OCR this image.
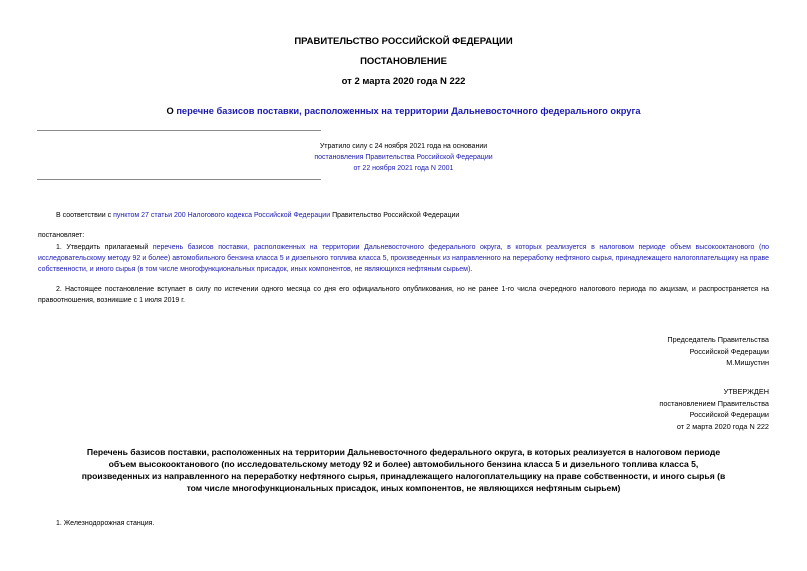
ПРАВИТЕЛЬСТВО РОССИЙСКОЙ ФЕДЕРАЦИИ
ПОСТАНОВЛЕНИЕ
от 2 марта 2020 года N 222
О перечне базисов поставки, расположенных на территории Дальневосточного федерального округа
Утратило силу с 24 ноября 2021 года на основании
постановления Правительства Российской Федерации
от 22 ноября 2021 года N 2001
В соответствии с пунктом 27 статьи 200 Налогового кодекса Российской Федерации Правительство Российской Федерации
постановляет:
1. Утвердить прилагаемый перечень базисов поставки, расположенных на территории Дальневосточного федерального округа, в которых реализуется в налоговом периоде объем высокооктанового (по исследовательскому методу 92 и более) автомобильного бензина класса 5 и дизельного топлива класса 5, произведенных из направленного на переработку нефтяного сырья, принадлежащего налогоплательщику на праве собственности, и иного сырья (в том числе многофункциональных присадок, иных компонентов, не являющихся нефтяным сырьем).
2. Настоящее постановление вступает в силу по истечении одного месяца со дня его официального опубликования, но не ранее 1-го числа очередного налогового периода по акцизам, и распространяется на правоотношения, возникшие с 1 июля 2019 г.
Председатель Правительства
Российской Федерации
М.Мишустин
УТВЕРЖДЕН
постановлением Правительства
Российской Федерации
от 2 марта 2020 года N 222
Перечень базисов поставки, расположенных на территории Дальневосточного федерального округа, в которых реализуется в налоговом периоде объем высокооктанового (по исследовательскому методу 92 и более) автомобильного бензина класса 5 и дизельного топлива класса 5, произведенных из направленного на переработку нефтяного сырья, принадлежащего налогоплательщику на праве собственности, и иного сырья (в том числе многофункциональных присадок, иных компонентов, не являющихся нефтяным сырьем)
1. Железнодорожная станция.
